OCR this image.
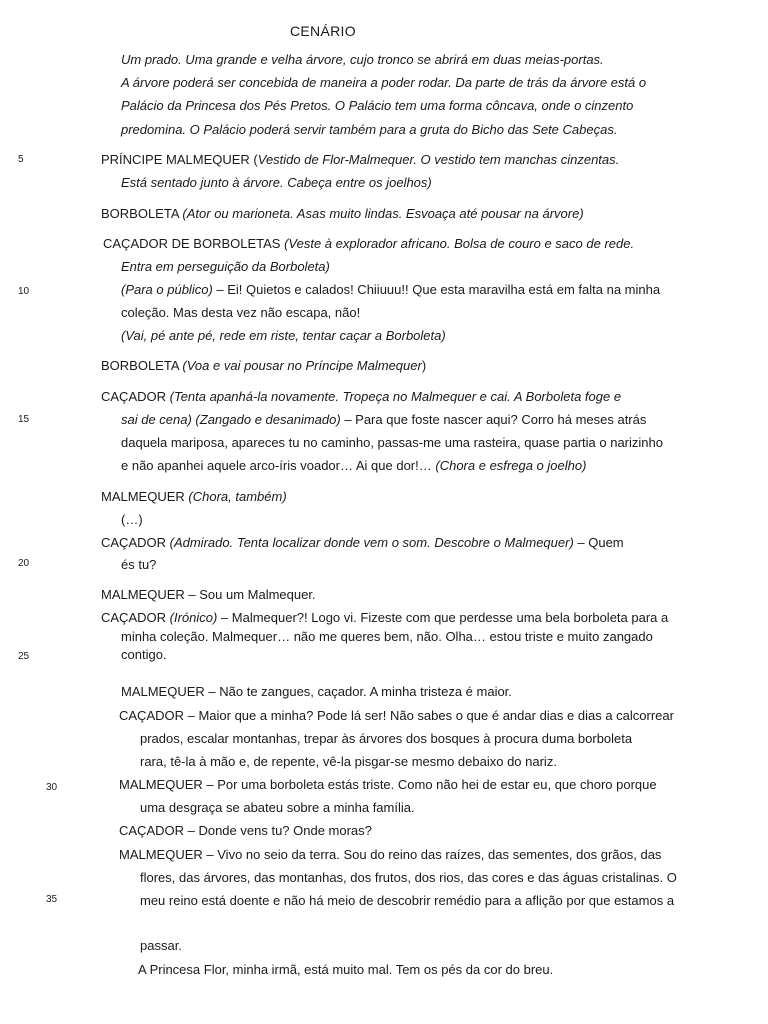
CENÁRIO
5
10
15
20
25
30
35
Um prado. Uma grande e velha árvore, cujo tronco se abrirá em duas meias-portas.
A árvore poderá ser concebida de maneira a poder rodar. Da parte de trás da árvore está o
Palácio da Princesa dos Pés Pretos. O Palácio tem uma forma côncava, onde o cinzento
predomina. O Palácio poderá servir também para a gruta do Bicho das Sete Cabeças.
PRÍNCIPE MALMEQUER (Vestido de Flor-Malmequer. O vestido tem manchas cinzentas.
Está sentado junto à árvore. Cabeça entre os joelhos)
BORBOLETA (Ator ou marioneta. Asas muito lindas. Esvoaça até pousar na árvore)
CAÇADOR DE BORBOLETAS (Veste à explorador africano. Bolsa de couro e saco de rede.
Entra em perseguição da Borboleta)
(Para o público) – Ei! Quietos e calados! Chiiuuu!! Que esta maravilha está em falta na minha
coleção. Mas desta vez não escapa, não!
(Vai, pé ante pé, rede em riste, tentar caçar a Borboleta)
BORBOLETA (Voa e vai pousar no Príncipe Malmequer)
CAÇADOR (Tenta apanhá-la novamente. Tropeça no Malmequer e cai. A Borboleta foge e
sai de cena) (Zangado e desanimado) – Para que foste nascer aqui? Corro há meses atrás
daquela mariposa, apareces tu no caminho, passas-me uma rasteira, quase partia o narizinho
e não apanhei aquele arco-íris voador… Ai que dor!… (Chora e esfrega o joelho)
MALMEQUER (Chora, também)
(…)
CAÇADOR (Admirado. Tenta localizar donde vem o som. Descobre o Malmequer) – Quem
és tu?
MALMEQUER – Sou um Malmequer.
CAÇADOR (Irónico) – Malmequer?! Logo vi. Fizeste com que perdesse uma bela borboleta para a
minha coleção. Malmequer… não me queres bem, não. Olha… estou triste e muito zangado
contigo.
MALMEQUER – Não te zangues, caçador. A minha tristeza é maior.
CAÇADOR – Maior que a minha? Pode lá ser! Não sabes o que é andar dias e dias a calcorrear
prados, escalar montanhas, trepar às árvores dos bosques à procura duma borboleta
rara, tê-la à mão e, de repente, vê-la pisgar-se mesmo debaixo do nariz.
MALMEQUER – Por uma borboleta estás triste. Como não hei de estar eu, que choro porque
uma desgraça se abateu sobre a minha família.
CAÇADOR – Donde vens tu? Onde moras?
MALMEQUER – Vivo no seio da terra. Sou do reino das raízes, das sementes, dos grãos, das
flores, das árvores, das montanhas, dos frutos, dos rios, das cores e das águas cristalinas. O
meu reino está doente e não há meio de descobrir remédio para a aflição por que estamos a
passar.
A Princesa Flor, minha irmã, está muito mal. Tem os pés da cor do breu.
